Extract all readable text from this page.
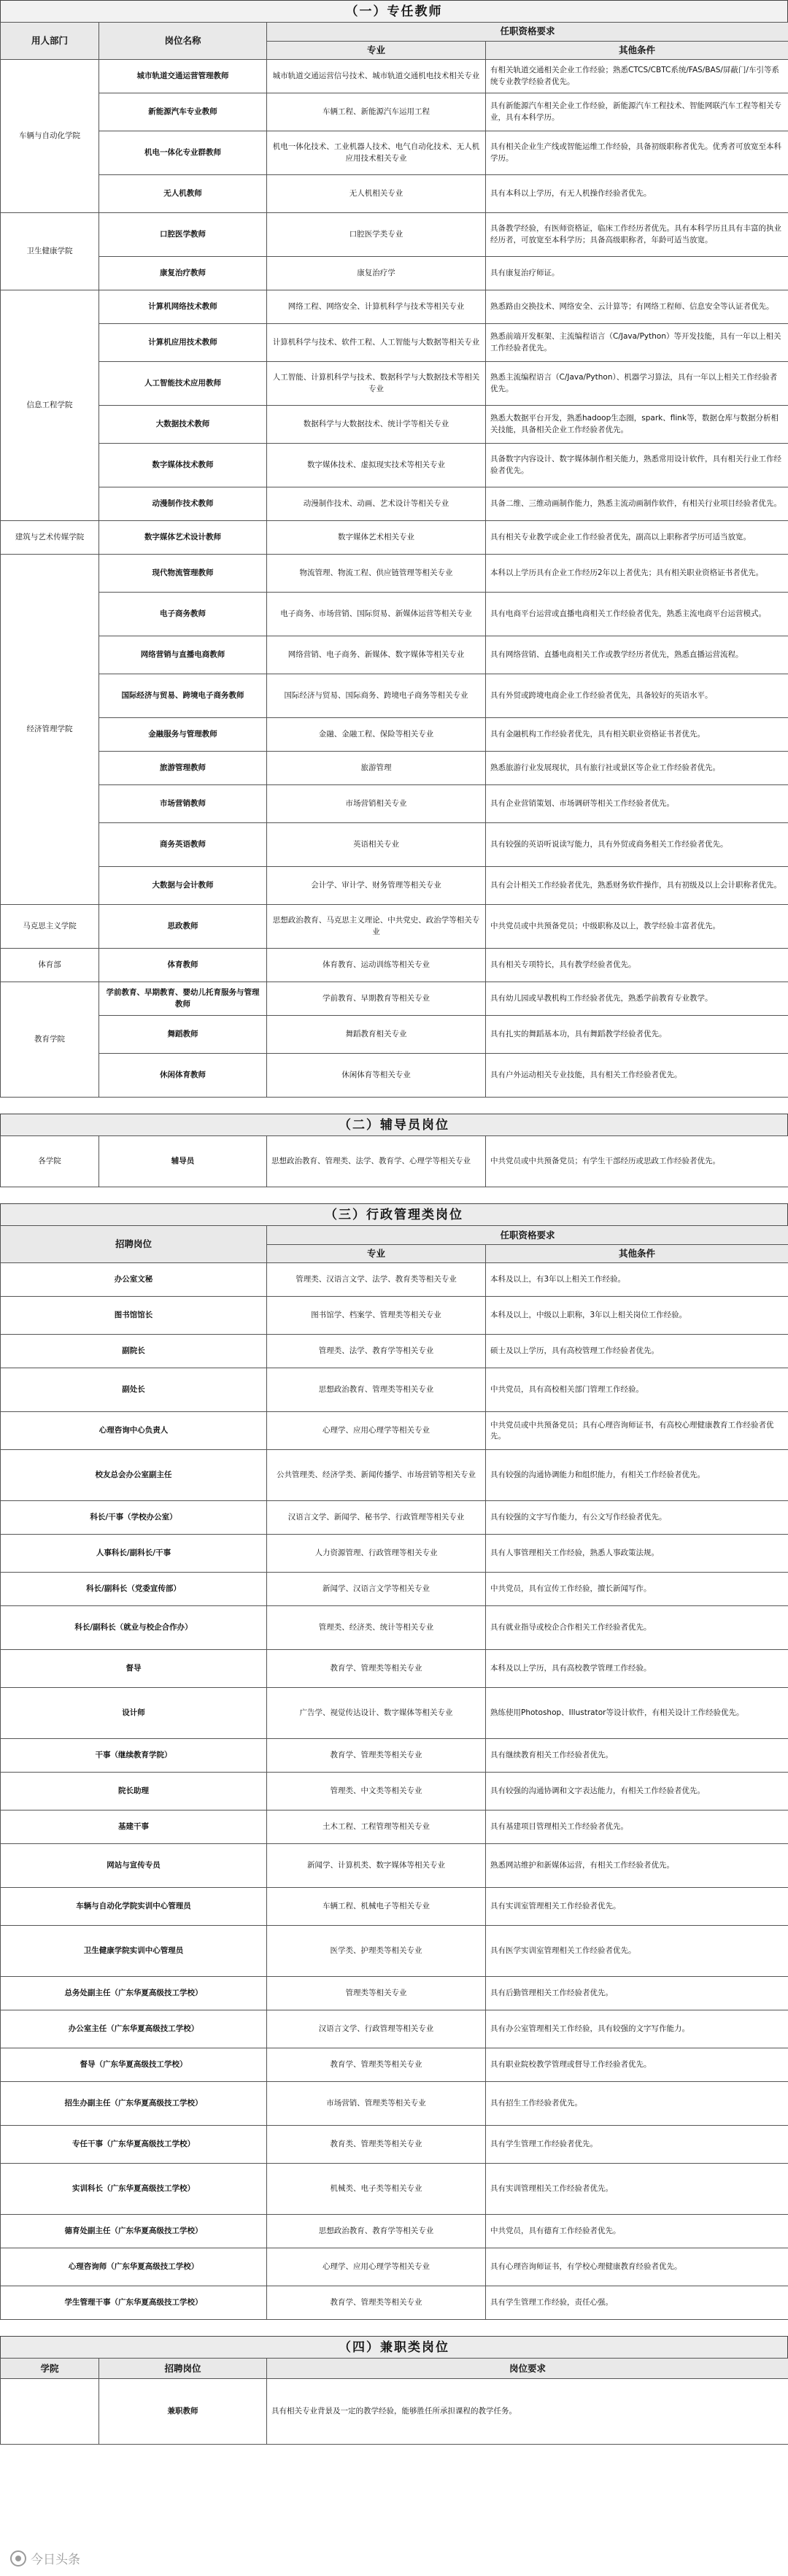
（一）专任教师
用人部门	岗位名称	任职资格要求	
		专业	其他条件
车辆与自动化学院	城市轨道交通运营管理教师	城市轨道交通运营信号技术、城市轨道交通机电技术相关专业	有相关轨道交通相关企业工作经验；熟悉CTCS/CBTC系统/FAS/BAS/屏蔽门/车引等系统专业教学经验者优先。
	新能源汽车专业教师	车辆工程、新能源汽车运用工程	具有新能源汽车相关企业工作经验，新能源汽车工程技术、智能网联汽车工程等相关专业，具有本科学历。
	机电一体化专业群教师	机电一体化技术、工业机器人技术、电气自动化技术、无人机应用技术相关专业	具有相关企业生产线或智能运维工作经验，具备初级职称者优先。优秀者可放宽至本科学历。
	无人机教师	无人机相关专业	具有本科以上学历，有无人机操作经验者优先。
卫生健康学院	口腔医学教师	口腔医学类专业	具备教学经验，有医师资格证，临床工作经历者优先。具有本科学历且具有丰富的执业经历者，可放宽至本科学历；具备高级职称者，年龄可适当放宽。
	康复治疗教师	康复治疗学	具有康复治疗师证。
信息工程学院	计算机网络技术教师	网络工程、网络安全、计算机科学与技术等相关专业	熟悉路由交换技术、网络安全、云计算等；有网络工程师、信息安全等认证者优先。
	计算机应用技术教师	计算机科学与技术、软件工程、人工智能与大数据等相关专业	熟悉前端开发框架、主流编程语言（C/Java/Python）等开发技能，具有一年以上相关工作经验者优先。
	人工智能技术应用教师	人工智能、计算机科学与技术、数据科学与大数据技术等相关专业	熟悉主流编程语言（C/Java/Python）、机器学习算法，具有一年以上相关工作经验者优先。
	大数据技术教师	数据科学与大数据技术、统计学等相关专业	熟悉大数据平台开发，熟悉hadoop生态圈，spark、flink等，数据仓库与数据分析相关技能，具备相关企业工作经验者优先。
	数字媒体技术教师	数字媒体技术、虚拟现实技术等相关专业	具备数字内容设计、数字媒体制作相关能力，熟悉常用设计软件，具有相关行业工作经验者优先。
	动漫制作技术教师	动漫制作技术、动画、艺术设计等相关专业	具备二维、三维动画制作能力，熟悉主流动画制作软件，有相关行业项目经验者优先。
建筑与艺术传媒学院	数字媒体艺术设计教师	数字媒体艺术相关专业	具有相关专业教学或企业工作经验者优先，副高以上职称者学历可适当放宽。
经济管理学院	现代物流管理教师	物流管理、物流工程、供应链管理等相关专业	本科以上学历具有企业工作经历2年以上者优先；具有相关职业资格证书者优先。
	电子商务教师	电子商务、市场营销、国际贸易、新媒体运营等相关专业	具有电商平台运营或直播电商相关工作经验者优先，熟悉主流电商平台运营模式。
	网络营销与直播电商教师	网络营销、电子商务、新媒体、数字媒体等相关专业	具有网络营销、直播电商相关工作或教学经历者优先，熟悉直播运营流程。
	国际经济与贸易、跨境电子商务教师	国际经济与贸易、国际商务、跨境电子商务等相关专业	具有外贸或跨境电商企业工作经验者优先，具备较好的英语水平。
	金融服务与管理教师	金融、金融工程、保险等相关专业	具有金融机构工作经验者优先，具有相关职业资格证书者优先。
	旅游管理教师	旅游管理	熟悉旅游行业发展现状，具有旅行社或景区等企业工作经验者优先。
	市场营销教师	市场营销相关专业	具有企业营销策划、市场调研等相关工作经验者优先。
	商务英语教师	英语相关专业	具有较强的英语听说读写能力，具有外贸或商务相关工作经验者优先。
	大数据与会计教师	会计学、审计学、财务管理等相关专业	具有会计相关工作经验者优先，熟悉财务软件操作，具有初级及以上会计职称者优先。
马克思主义学院	思政教师	思想政治教育、马克思主义理论、中共党史、政治学等相关专业	中共党员或中共预备党员；中级职称及以上，教学经验丰富者优先。
体育部	体育教师	体育教育、运动训练等相关专业	具有相关专项特长，具有教学经验者优先。
教育学院	学前教育、早期教育、婴幼儿托育服务与管理教师	学前教育、早期教育等相关专业	具有幼儿园或早教机构工作经验者优先，熟悉学前教育专业教学。
	舞蹈教师	舞蹈教育相关专业	具有扎实的舞蹈基本功，具有舞蹈教学经验者优先。
	休闲体育教师	休闲体育等相关专业	具有户外运动相关专业技能，具有相关工作经验者优先。
（二）辅导员岗位
各学院	辅导员	思想政治教育、管理类、法学、教育学、心理学等相关专业	中共党员或中共预备党员；有学生干部经历或思政工作经验者优先。
（三）行政管理类岗位
招聘岗位	任职资格要求	
	专业	其他条件
办公室文秘	管理类、汉语言文学、法学、教育类等相关专业	本科及以上，有3年以上相关工作经验。
图书馆馆长	图书馆学、档案学、管理类等相关专业	本科及以上，中级以上职称，3年以上相关岗位工作经验。
副院长	管理类、法学、教育学等相关专业	硕士及以上学历，具有高校管理工作经验者优先。
副处长	思想政治教育、管理类等相关专业	中共党员，具有高校相关部门管理工作经验。
心理咨询中心负责人	心理学、应用心理学等相关专业	中共党员或中共预备党员；具有心理咨询师证书，有高校心理健康教育工作经验者优先。
校友总会办公室副主任	公共管理类、经济学类、新闻传播学、市场营销等相关专业	具有较强的沟通协调能力和组织能力，有相关工作经验者优先。
科长/干事（学校办公室）	汉语言文学、新闻学、秘书学、行政管理等相关专业	具有较强的文字写作能力，有公文写作经验者优先。
人事科长/副科长/干事	人力资源管理、行政管理等相关专业	具有人事管理相关工作经验，熟悉人事政策法规。
科长/副科长（党委宣传部）	新闻学、汉语言文学等相关专业	中共党员，具有宣传工作经验，擅长新闻写作。
科长/副科长（就业与校企合作办）	管理类、经济类、统计等相关专业	具有就业指导或校企合作相关工作经验者优先。
督导	教育学、管理类等相关专业	本科及以上学历，具有高校教学管理工作经验。
设计师	广告学、视觉传达设计、数字媒体等相关专业	熟练使用Photoshop、Illustrator等设计软件，有相关设计工作经验优先。
干事（继续教育学院）	教育学、管理类等相关专业	具有继续教育相关工作经验者优先。
院长助理	管理类、中文类等相关专业	具有较强的沟通协调和文字表达能力，有相关工作经验者优先。
基建干事	土木工程、工程管理等相关专业	具有基建项目管理相关工作经验者优先。
网站与宣传专员	新闻学、计算机类、数字媒体等相关专业	熟悉网站维护和新媒体运营，有相关工作经验者优先。
车辆与自动化学院实训中心管理员	车辆工程、机械电子等相关专业	具有实训室管理相关工作经验者优先。
卫生健康学院实训中心管理员	医学类、护理类等相关专业	具有医学实训室管理相关工作经验者优先。
总务处副主任（广东华夏高级技工学校）	管理类等相关专业	具有后勤管理相关工作经验者优先。
办公室主任（广东华夏高级技工学校）	汉语言文学、行政管理等相关专业	具有办公室管理相关工作经验，具有较强的文字写作能力。
督导（广东华夏高级技工学校）	教育学、管理类等相关专业	具有职业院校教学管理或督导工作经验者优先。
招生办副主任（广东华夏高级技工学校）	市场营销、管理类等相关专业	具有招生工作经验者优先。
专任干事（广东华夏高级技工学校）	教育类、管理类等相关专业	具有学生管理工作经验者优先。
实训科长（广东华夏高级技工学校）	机械类、电子类等相关专业	具有实训管理相关工作经验者优先。
德育处副主任（广东华夏高级技工学校）	思想政治教育、教育学等相关专业	中共党员，具有德育工作经验者优先。
心理咨询师（广东华夏高级技工学校）	心理学、应用心理学等相关专业	具有心理咨询师证书，有学校心理健康教育经验者优先。
学生管理干事（广东华夏高级技工学校）	教育学、管理类等相关专业	具有学生管理工作经验，责任心强。
（四）兼职类岗位
学院	招聘岗位	岗位要求
	兼职教师	具有相关专业背景及一定的教学经验，能够胜任所承担课程的教学任务。
今日头条
